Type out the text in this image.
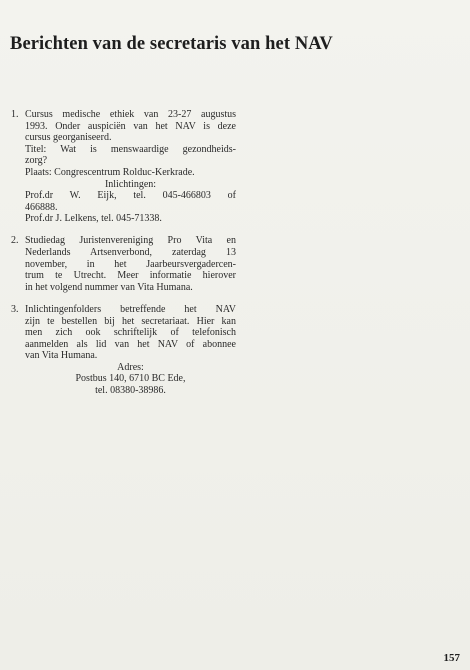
Berichten van de secretaris van het NAV
1. Cursus medische ethiek van 23-27 augustus
1993. Onder auspiciën van het NAV is deze
cursus georganiseerd.
Titel: Wat is menswaardige gezondheids-
zorg?
Plaats: Congrescentrum Rolduc-Kerkrade.
Inlichtingen:
Prof.dr W. Eijk, tel. 045-466803 of
466888.
Prof.dr J. Lelkens, tel. 045-71338.
2. Studiedag Juristenvereniging Pro Vita en
Nederlands Artsenverbond, zaterdag 13
november, in het Jaarbeursvergadercen-
trum te Utrecht. Meer informatie hierover
in het volgend nummer van Vita Humana.
3. Inlichtingenfolders betreffende het NAV
zijn te bestellen bij het secretariaat. Hier kan
men zich ook schriftelijk of telefonisch
aanmelden als lid van het NAV of abonnee
van Vita Humana.
Adres:
Postbus 140, 6710 BC Ede,
tel. 08380-38986.
157
